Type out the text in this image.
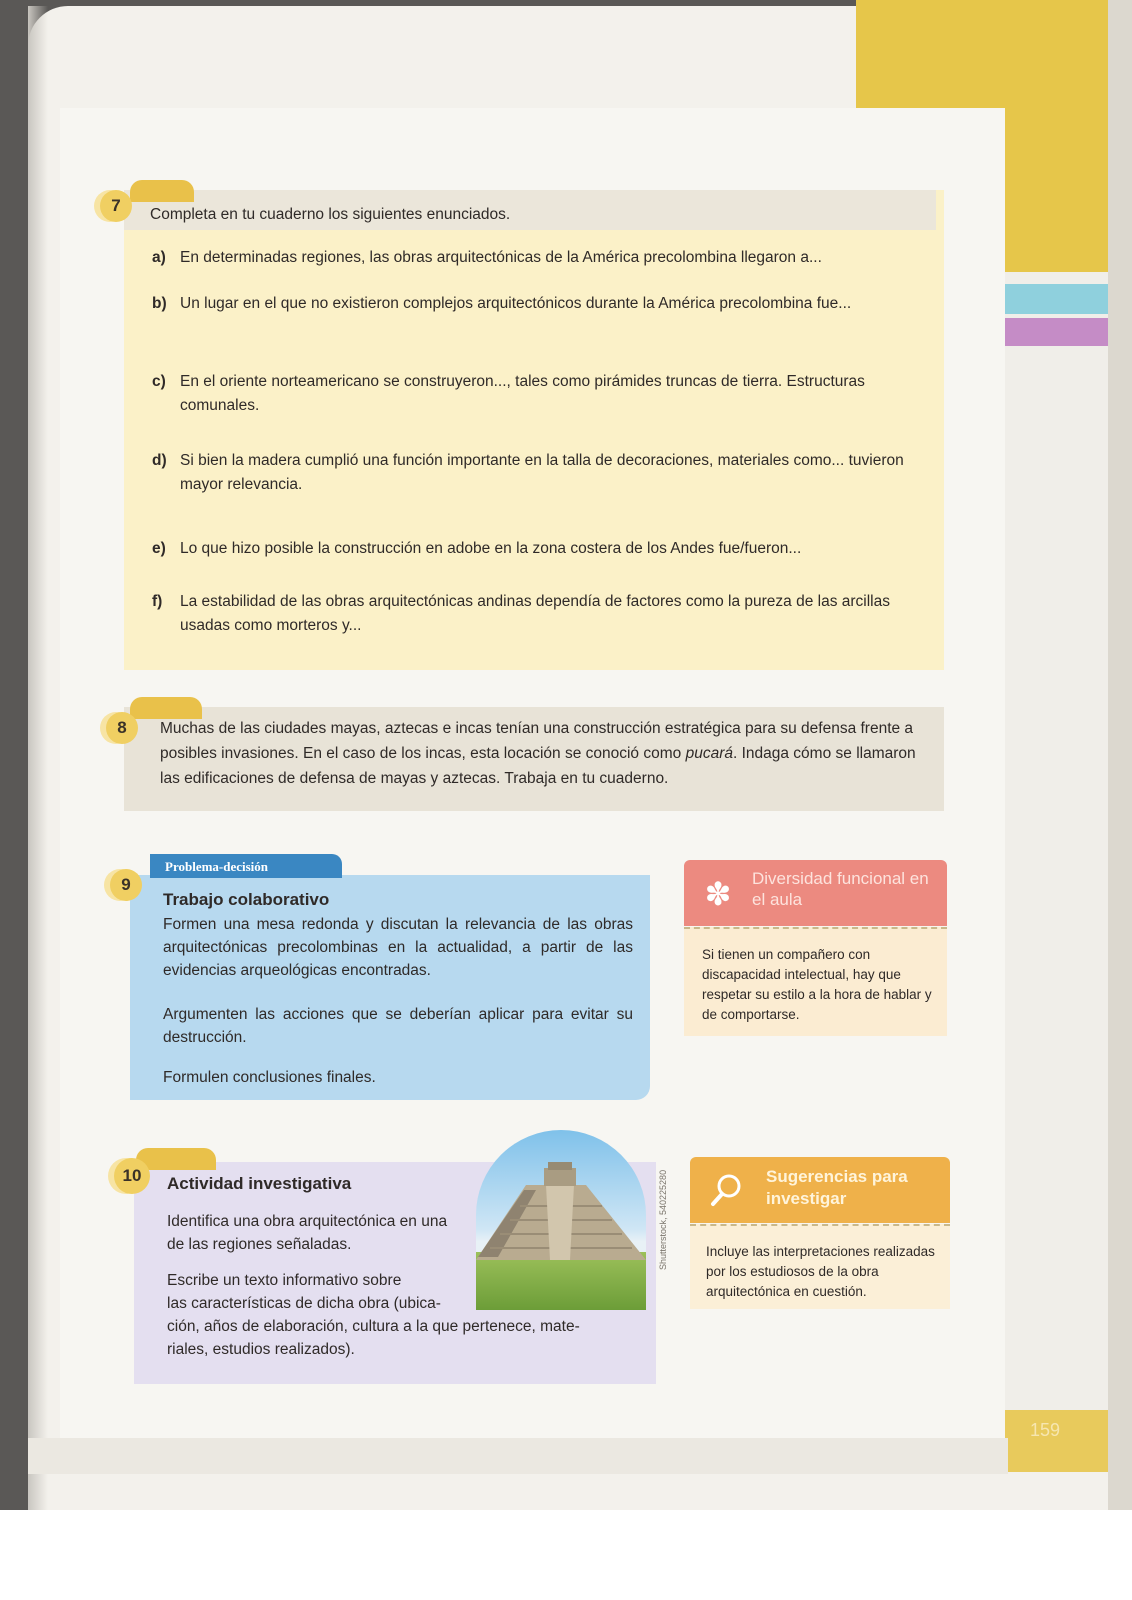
159
7	Completa en tu cuaderno los siguientes enunciados.
a) En determinadas regiones, las obras arquitectónicas de la América precolombina llegaron a...
b) Un lugar en el que no existieron complejos arquitectónicos durante la América precolombina fue...
c) En el oriente norteamericano se construyeron..., tales como pirámides truncas de tierra. Estructuras comunales.
d) Si bien la madera cumplió una función importante en la talla de decoraciones, materiales como... tuvieron mayor relevancia.
e) Lo que hizo posible la construcción en adobe en la zona costera de los Andes fue/fueron...
f)	La estabilidad de las obras arquitectónicas andinas dependía de factores como la pureza de las arcillas usadas como morteros y...
8	Muchas de las ciudades mayas, aztecas e incas tenían una construcción estratégica para su defensa frente a posibles invasiones. En el caso de los incas, esta locación se conoció como pucará. Indaga cómo se llamaron las edificaciones de defensa de mayas y aztecas. Trabaja en tu cuaderno.
Problema-decisión
9
Trabajo colaborativo
Formen una mesa redonda y discutan la relevancia de las obras arquitectónicas precolombinas en la actualidad, a partir de las evidencias arqueológicas encontradas.
Argumenten las acciones que se deberían aplicar para evitar su destrucción.
Formulen conclusiones finales.
✽ Diversidad funcional en el aula
Si tienen un compañero con discapacidad intelectual, hay que respetar su estilo a la hora de hablar y de comportarse.
10	Actividad investigativa
Identifica una obra arquitectónica en una de las regiones señaladas.
Escribe un texto informativo sobre
las características de dicha obra (ubica-
ción, años de elaboración, cultura a la que pertenece, mate-
riales, estudios realizados).
Shutterstock, 540225280	Sugerencias para investigar
Incluye las interpretaciones realizadas por los estudiosos de la obra arquitectónica en cuestión.
